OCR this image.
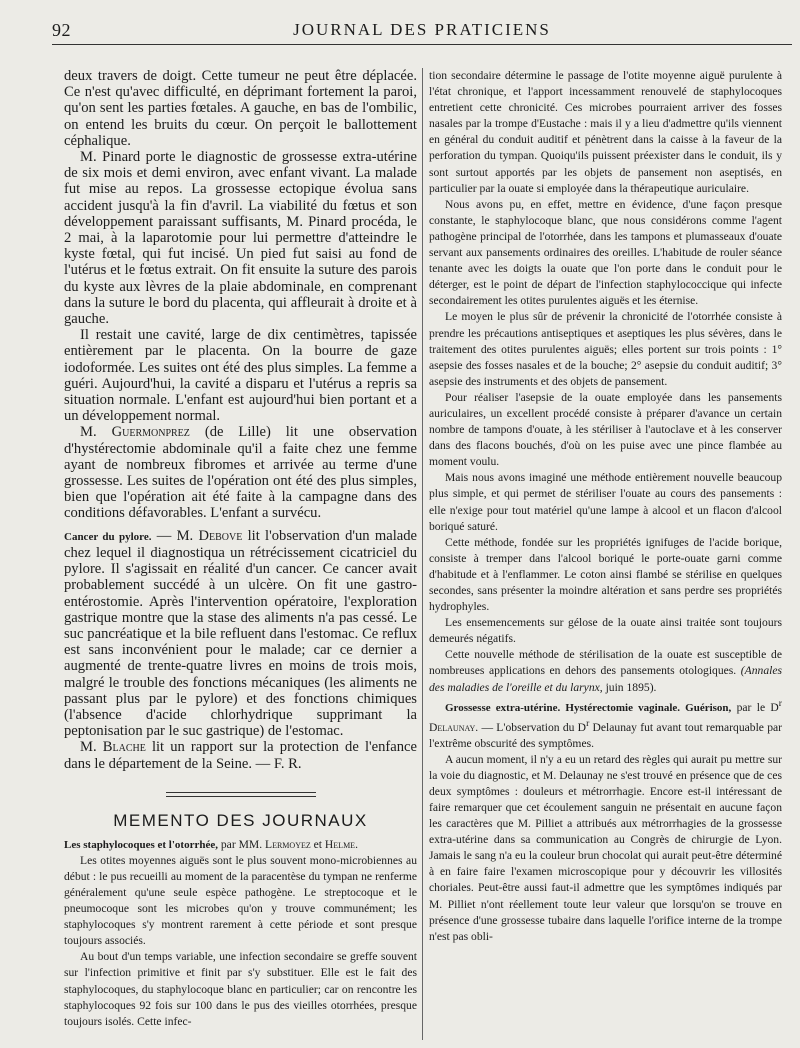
92	JOURNAL DES PRATICIENS

deux travers de doigt. Cette tumeur ne peut être déplacée. Ce n'est qu'avec difficulté, en déprimant fortement la paroi, qu'on sent les parties fœtales. A gauche, en bas de l'ombilic, on entend les bruits du cœur. On perçoit le ballottement céphalique.

M. Pinard porte le diagnostic de grossesse extra-utérine de six mois et demi environ, avec enfant vivant. La malade fut mise au repos. La grossesse ectopique évolua sans accident jusqu'à la fin d'avril. La viabilité du fœtus et son développement paraissant suffisants, M. Pinard procéda, le 2 mai, à la laparotomie pour lui permettre d'atteindre le kyste fœtal, qui fut incisé. Un pied fut saisi au fond de l'utérus et le fœtus extrait. On fit ensuite la suture des parois du kyste aux lèvres de la plaie abdominale, en comprenant dans la suture le bord du placenta, qui affleurait à droite et à gauche.

Il restait une cavité, large de dix centimètres, tapissée entièrement par le placenta. On la bourre de gaze iodoformée. Les suites ont été des plus simples. La femme a guéri. Aujourd'hui, la cavité a disparu et l'utérus a repris sa situation normale. L'enfant est aujourd'hui bien portant et a un développement normal.

M. Guermonprez (de Lille) lit une observation d'hystérectomie abdominale qu'il a faite chez une femme ayant de nombreux fibromes et arrivée au terme d'une grossesse. Les suites de l'opération ont été des plus simples, bien que l'opération ait été faite à la campagne dans des conditions défavorables. L'enfant a survécu.

Cancer du pylore. — M. Debove lit l'observation d'un malade chez lequel il diagnostiqua un rétrécissement cicatriciel du pylore. Il s'agissait en réalité d'un cancer. Ce cancer avait probablement succédé à un ulcère. On fit une gastro-entérostomie. Après l'intervention opératoire, l'exploration gastrique montre que la stase des aliments n'a pas cessé. Le suc pancréatique et la bile refluent dans l'estomac. Ce reflux est sans inconvénient pour le malade; car ce dernier a augmenté de trente-quatre livres en moins de trois mois, malgré le trouble des fonctions mécaniques (les aliments ne passant plus par le pylore) et des fonctions chimiques (l'absence d'acide chlorhydrique supprimant la peptonisation par le suc gastrique) de l'estomac.

M. Blache lit un rapport sur la protection de l'enfance dans le département de la Seine. — F. R.

MEMENTO DES JOURNAUX

Les staphylocoques et l'otorrhée, par MM. Lermoyez et Helme.

Les otites moyennes aiguës sont le plus souvent mono-microbiennes au début : le pus recueilli au moment de la paracentèse du tympan ne renferme généralement qu'une seule espèce pathogène. Le streptocoque et le pneumocoque sont les microbes qu'on y trouve communément; les staphylocoques s'y montrent rarement à cette période et sont presque toujours associés.

Au bout d'un temps variable, une infection secondaire se greffe souvent sur l'infection primitive et finit par s'y substituer. Elle est le fait des staphylocoques, du staphylocoque blanc en particulier; car on rencontre les staphylocoques 92 fois sur 100 dans le pus des vieilles otorrhées, presque toujours isolés. Cette infec-

tion secondaire détermine le passage de l'otite moyenne aiguë purulente à l'état chronique, et l'apport incessamment renouvelé de staphylocoques entretient cette chronicité. Ces microbes pourraient arriver des fosses nasales par la trompe d'Eustache : mais il y a lieu d'admettre qu'ils viennent en général du conduit auditif et pénètrent dans la caisse à la faveur de la perforation du tympan. Quoiqu'ils puissent préexister dans le conduit, ils y sont surtout apportés par les objets de pansement non aseptisés, en particulier par la ouate si employée dans la thérapeutique auriculaire.

Nous avons pu, en effet, mettre en évidence, d'une façon presque constante, le staphylocoque blanc, que nous considérons comme l'agent pathogène principal de l'otorrhée, dans les tampons et plumasseaux d'ouate servant aux pansements ordinaires des oreilles. L'habitude de rouler séance tenante avec les doigts la ouate que l'on porte dans le conduit pour le déterger, est le point de départ de l'infection staphylococcique qui infecte secondairement les otites purulentes aiguës et les éternise.

Le moyen le plus sûr de prévenir la chronicité de l'otorrhée consiste à prendre les précautions antiseptiques et aseptiques les plus sévères, dans le traitement des otites purulentes aiguës; elles portent sur trois points : 1° asepsie des fosses nasales et de la bouche; 2° asepsie du conduit auditif; 3° asepsie des instruments et des objets de pansement.

Pour réaliser l'asepsie de la ouate employée dans les pansements auriculaires, un excellent procédé consiste à préparer d'avance un certain nombre de tampons d'ouate, à les stériliser à l'autoclave et à les conserver dans des flacons bouchés, d'où on les puise avec une pince flambée au moment voulu.

Mais nous avons imaginé une méthode entièrement nouvelle beaucoup plus simple, et qui permet de stériliser l'ouate au cours des pansements : elle n'exige pour tout matériel qu'une lampe à alcool et un flacon d'alcool boriqué saturé.

Cette méthode, fondée sur les propriétés ignifuges de l'acide borique, consiste à tremper dans l'alcool boriqué le porte-ouate garni comme d'habitude et à l'enflammer. Le coton ainsi flambé se stérilise en quelques secondes, sans présenter la moindre altération et sans perdre ses propriétés hydrophyles.

Les ensemencements sur gélose de la ouate ainsi traitée sont toujours demeurés négatifs.

Cette nouvelle méthode de stérilisation de la ouate est susceptible de nombreuses applications en dehors des pansements otologiques. (Annales des maladies de l'oreille et du larynx, juin 1895).

Grossesse extra-utérine. Hystérectomie vaginale. Guérison, par le $D^r$ Delaunay. — L'observation du $D^r$ Delaunay fut avant tout remarquable par l'extrême obscurité des symptômes.

A aucun moment, il n'y a eu un retard des règles qui aurait pu mettre sur la voie du diagnostic, et M. Delaunay ne s'est trouvé en présence que de ces deux symptômes : douleurs et métrorrhagie. Encore est-il intéressant de faire remarquer que cet écoulement sanguin ne présentait en aucune façon les caractères que M. Pilliet a attribués aux métrorrhagies de la grossesse extra-utérine dans sa communication au Congrès de chirurgie de Lyon. Jamais le sang n'a eu la couleur brun chocolat qui aurait peut-être déterminé à en faire faire l'examen microscopique pour y découvrir les villosités choriales. Peut-être aussi faut-il admettre que les symptômes indiqués par M. Pilliet n'ont réellement toute leur valeur que lorsqu'on se trouve en présence d'une grossesse tubaire dans laquelle l'orifice interne de la trompe n'est pas obli-
